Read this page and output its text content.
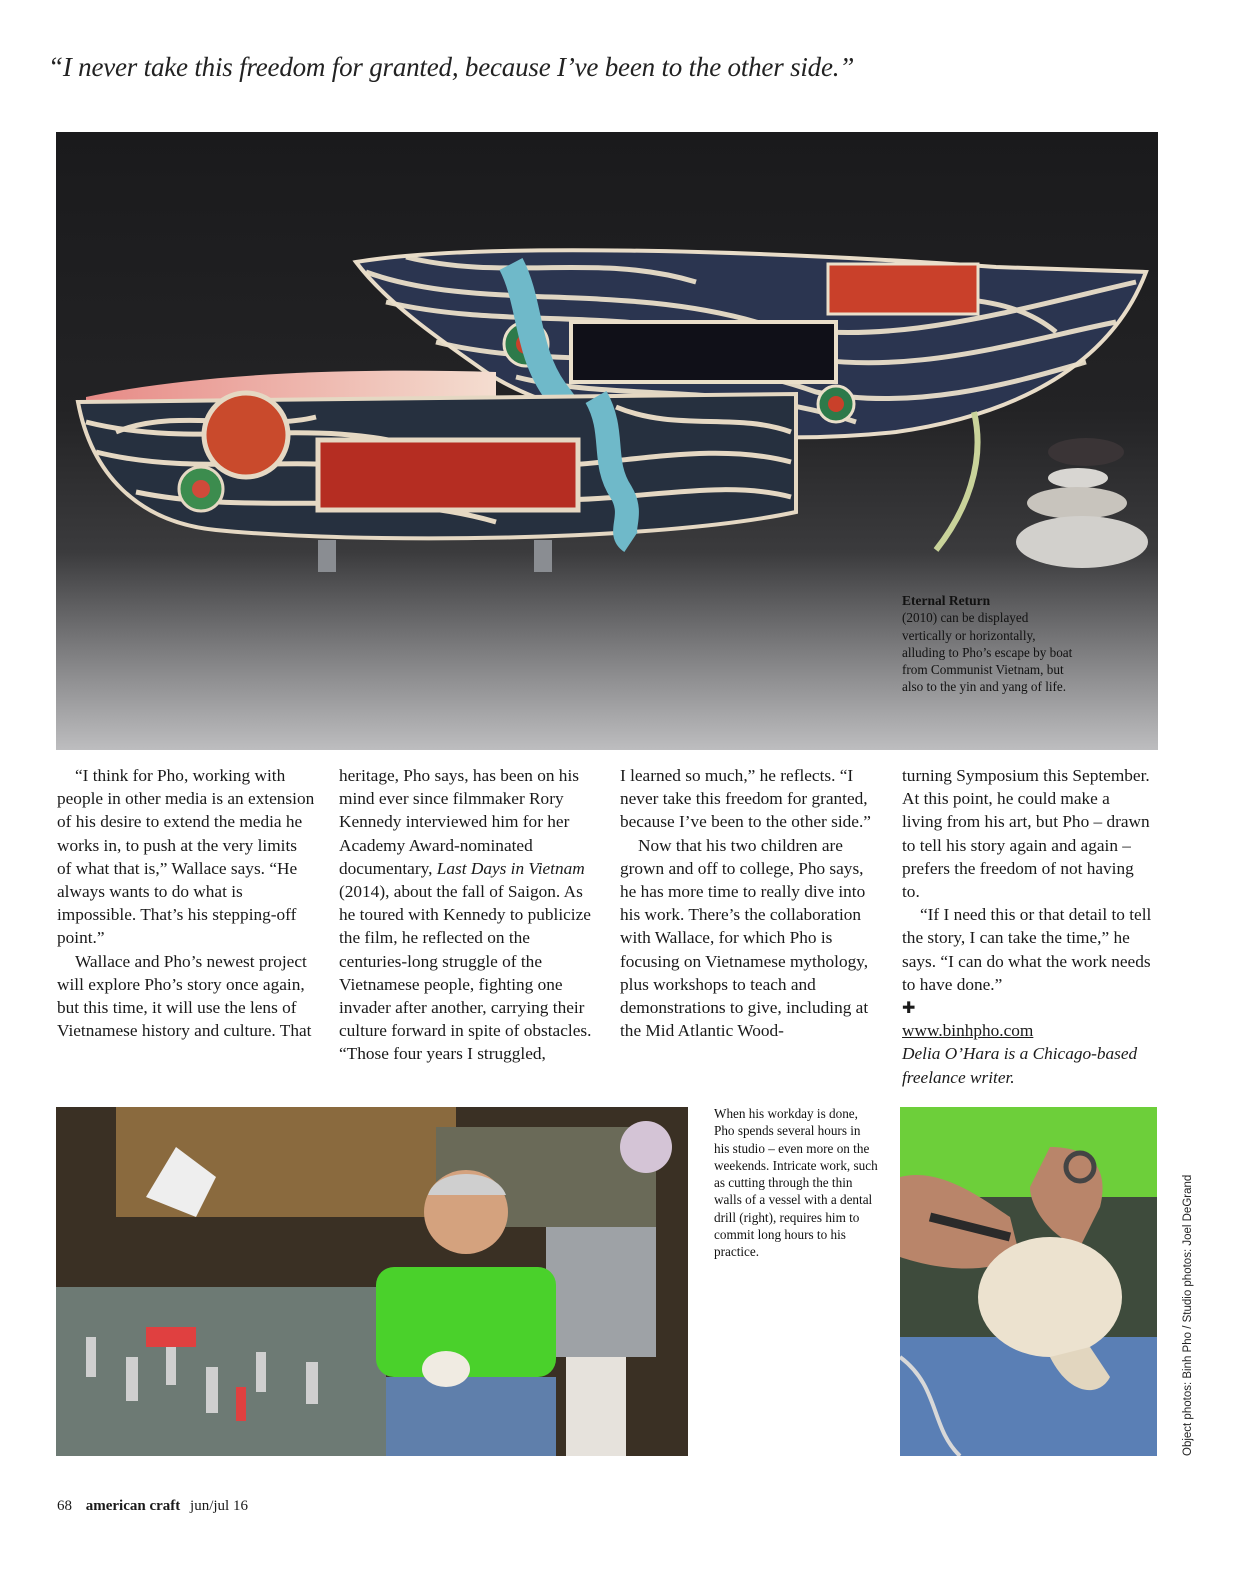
“I never take this freedom for granted, because I’ve been to the other side.”
Eternal Return
(2010) can be displayed vertically or horizontally, alluding to Pho’s escape by boat from Communist Vietnam, but also to the yin and yang of life.

“I think for Pho, working with people in other media is an extension of his desire to extend the media he works in, to push at the very limits of what that is,” Wallace says. “He always wants to do what is impossible. That’s his stepping-off point.”

Wallace and Pho’s newest project will explore Pho’s story once again, but this time, it will use the lens of Vietnamese history and culture. That

heritage, Pho says, has been on his mind ever since filmmaker Rory Kennedy interviewed him for her Academy Award-nominated documentary, Last Days in Vietnam (2014), about the fall of Saigon. As he toured with Kennedy to publicize the film, he reflected on the centuries-long struggle of the Vietnamese people, fighting one invader after another, carrying their culture forward in spite of obstacles. “Those four years I struggled,

I learned so much,” he reflects. “I never take this freedom for granted, because I’ve been to the other side.”

Now that his two children are grown and off to college, Pho says, he has more time to really dive into his work. There’s the collaboration with Wallace, for which Pho is focusing on Vietnamese mythology, plus workshops to teach and demonstrations to give, including at the Mid Atlantic Wood-

turning Symposium this September. At this point, he could make a living from his art, but Pho – drawn to tell his story again and again – prefers the freedom of not having to.

“If I need this or that detail to tell the story, I can take the time,” he says. “I can do what the work needs to have done.”

✚

www.binhpho.com

Delia O’Hara is a Chicago-based freelance writer.

When his workday is done, Pho spends several hours in his studio – even more on the weekends. Intricate work, such as cutting through the thin walls of a vessel with a dental drill (right), requires him to commit long hours to his practice.	Object photos: Binh Pho / Studio photos: Joel DeGrand
68 american craft jun/jul 16
